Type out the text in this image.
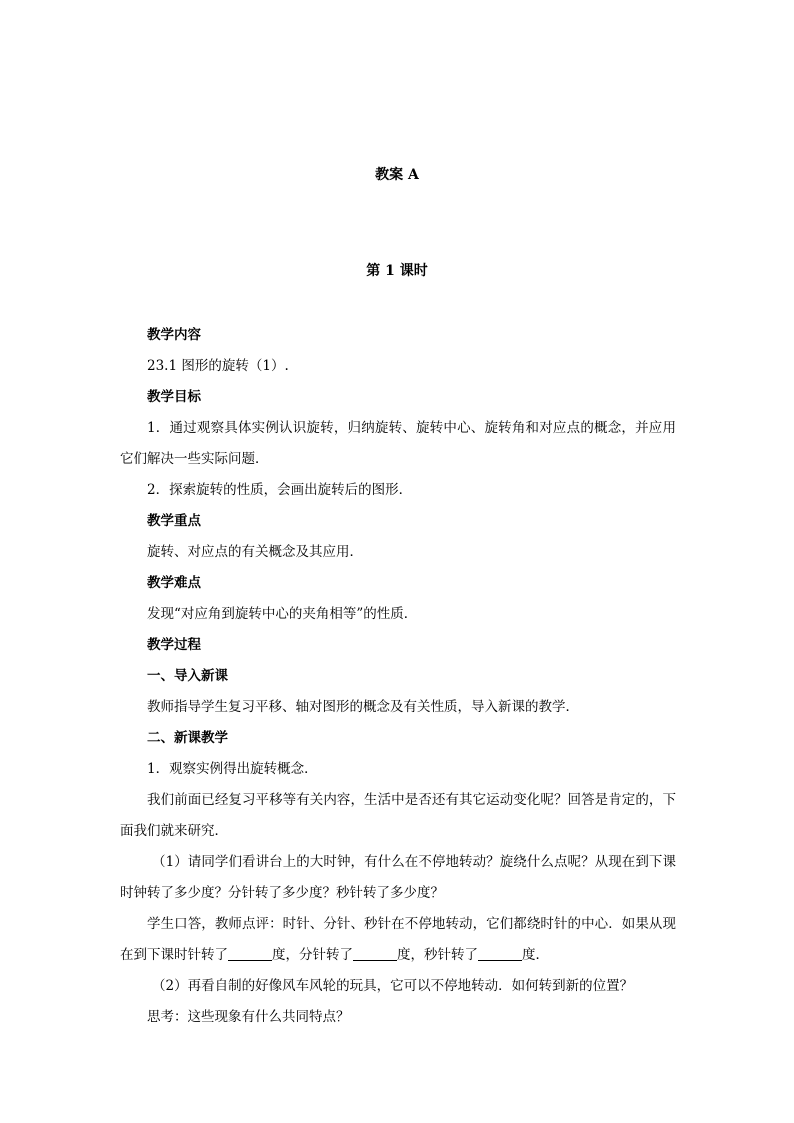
教案 A
第 1 课时

教学内容

23.1 图形的旋转（1）.

教学目标

1．通过观察具体实例认识旋转，归纳旋转、旋转中心、旋转角和对应点的概念，并应用它们解决一些实际问题．

2．探索旋转的性质，会画出旋转后的图形．

教学重点

旋转、对应点的有关概念及其应用．

教学难点

发现“对应角到旋转中心的夹角相等”的性质．

教学过程

一、导入新课

教师指导学生复习平移、轴对图形的概念及有关性质，导入新课的教学．

二、新课教学

1．观察实例得出旋转概念．

我们前面已经复习平移等有关内容，生活中是否还有其它运动变化呢？回答是肯定的，下面我们就来研究．

（1）请同学们看讲台上的大时钟，有什么在不停地转动？旋绕什么点呢？从现在到下课时钟转了多少度？分针转了多少度？秒针转了多少度？

学生口答，教师点评：时针、分针、秒针在不停地转动，它们都绕时针的中心．如果从现在到下课时针转了	度，分针转了	度，秒针转了	度．

（2）再看自制的好像风车风轮的玩具，它可以不停地转动．如何转到新的位置？

思考：这些现象有什么共同特点？
